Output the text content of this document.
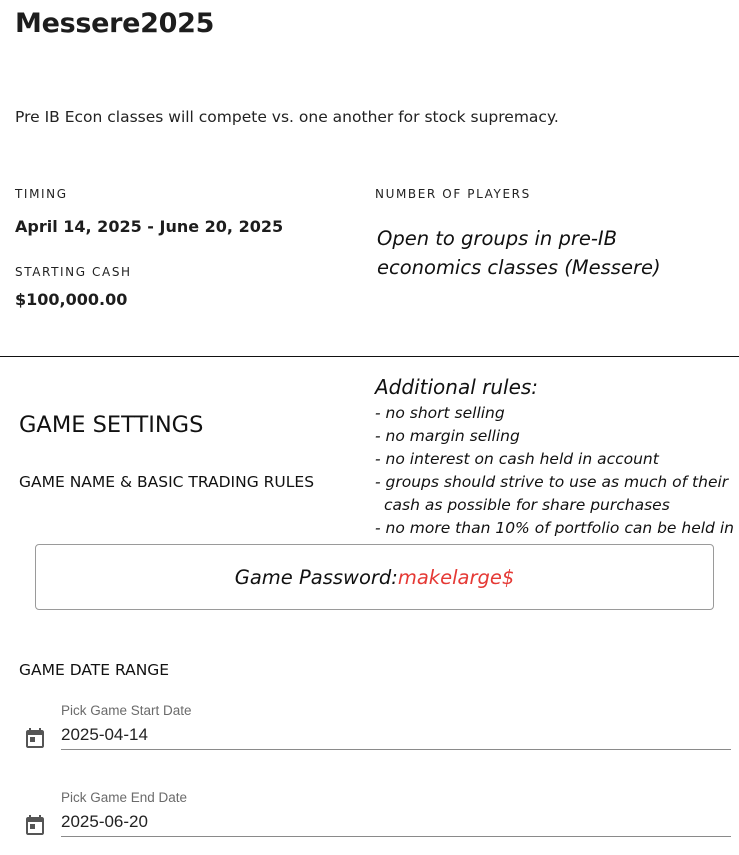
Messere2025
Pre IB Econ classes will compete vs. one another for stock supremacy.
TIMING
April 14, 2025 - June 20, 2025
STARTING CASH
$100,000.00
NUMBER OF PLAYERS
Open to groups in pre-IB economics classes (Messere)
Additional rules:
- no short selling
- no margin selling
- no interest on cash held in account
- groups should strive to use as much of their cash as possible for share purchases
- no more than 10% of portfolio can be held in
GAME SETTINGS
GAME NAME & BASIC TRADING RULES
Game Password: makelarge$
GAME DATE RANGE
Pick Game Start Date
2025-04-14
Pick Game End Date
2025-06-20
